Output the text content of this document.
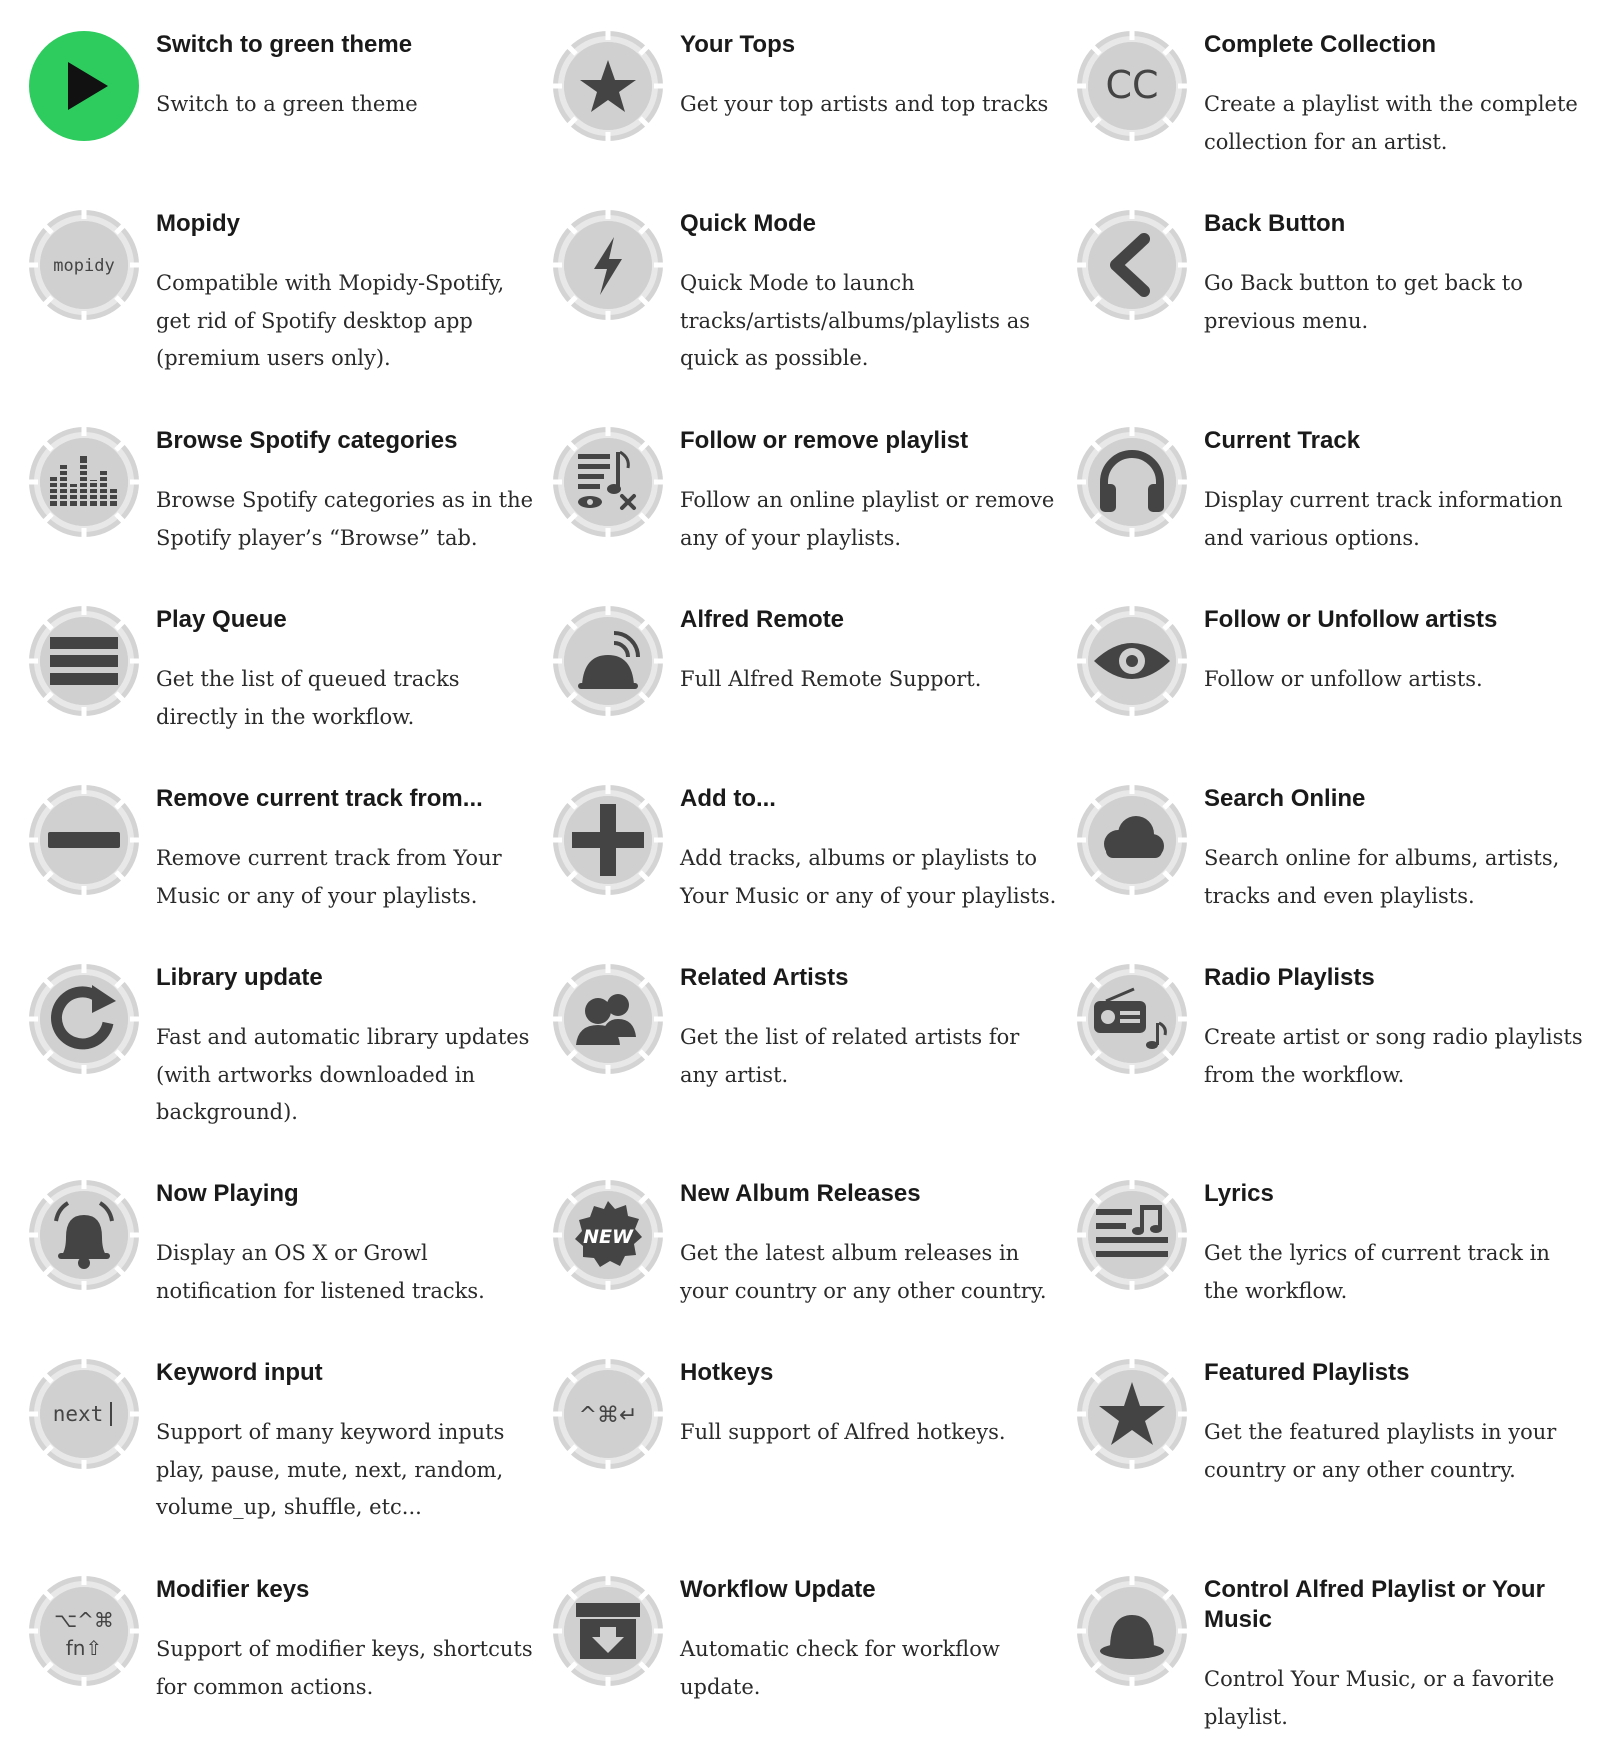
Switch to green theme
Switch to a green theme
Your Tops
Get your top artists and top tracks	CC
Complete Collection
Create a playlist with the complete collection for an artist.
mopidy
Mopidy
Compatible with Mopidy-Spotify, get rid of Spotify desktop app (premium users only).
Quick Mode
Quick Mode to launch tracks/artists/albums/playlists as quick as possible.
Back Button
Go Back button to get back to previous menu.
Browse Spotify categories
Browse Spotify categories as in the Spotify player’s “Browse” tab.
Follow or remove playlist
Follow an online playlist or remove any of your playlists.
Current Track
Display current track information and various options.
Play Queue
Get the list of queued tracks directly in the workflow.
Alfred Remote
Full Alfred Remote Support.
Follow or Unfollow artists
Follow or unfollow artists.
Remove current track from...
Remove current track from Your Music or any of your playlists.
Add to...
Add tracks, albums or playlists to Your Music or any of your playlists.
Search Online
Search online for albums, artists, tracks and even playlists.
Library update
Fast and automatic library updates (with artworks downloaded in background).
Related Artists
Get the list of related artists for any artist.
Radio Playlists
Create artist or song radio playlists from the workflow.
Now Playing
Display an OS X or Growl notification for listened tracks.
NEW
New Album Releases
Get the latest album releases in your country or any other country.
Lyrics
Get the lyrics of current track in the workflow.
next
Keyword input
Support of many keyword inputs play, pause, mute, next, random, volume_up, shuffle, etc...
^⌘↵
Hotkeys
Full support of Alfred hotkeys.
Featured Playlists
Get the featured playlists in your country or any other country.
⌥^⌘
fn⇧
Modifier keys
Support of modifier keys, shortcuts for common actions.
Workflow Update
Automatic check for workflow update.
Control Alfred Playlist or Your Music
Control Your Music, or a favorite playlist.
